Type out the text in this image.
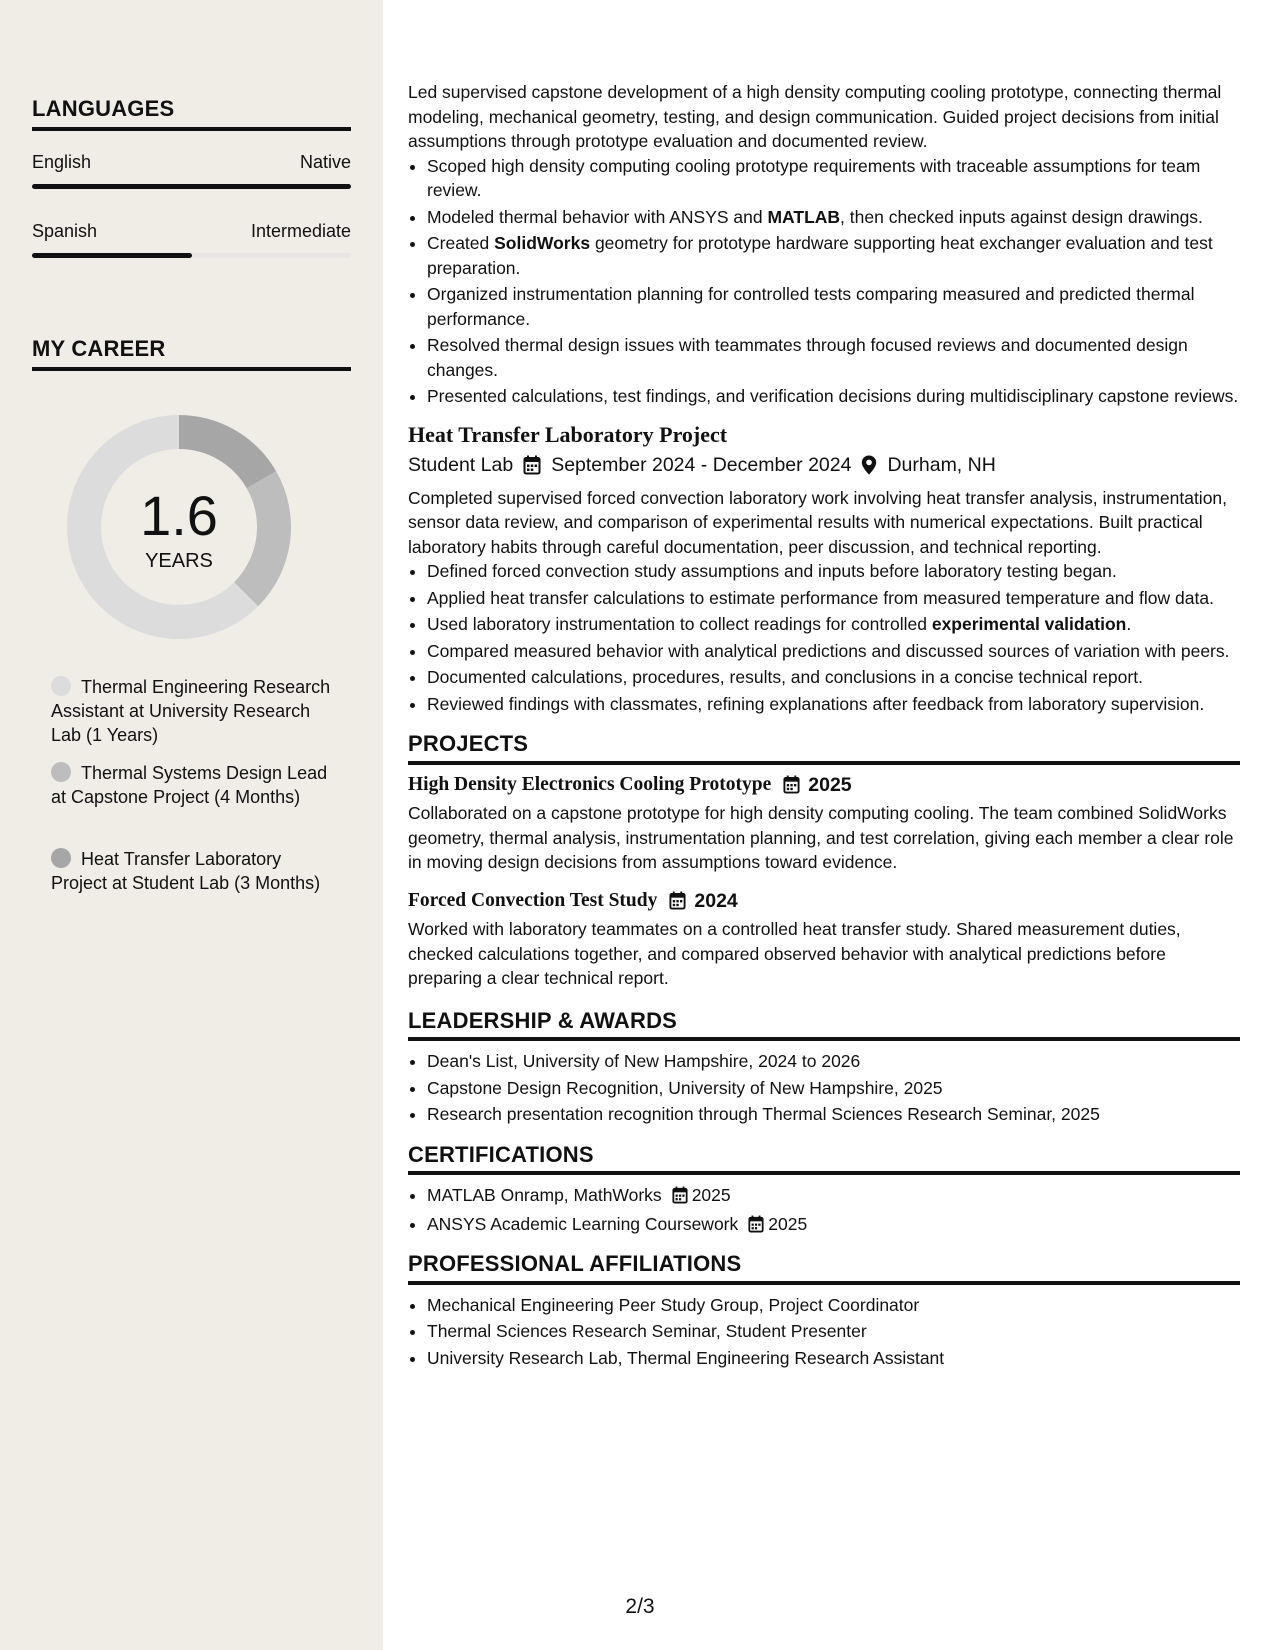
LANGUAGES
English	Native
Spanish	Intermediate
MY CAREER
1.6
YEARS
Thermal Engineering Research Assistant at University Research Lab (1 Years)
Thermal Systems Design Lead at Capstone Project (4 Months)
Heat Transfer Laboratory Project at Student Lab (3 Months)

Led supervised capstone development of a high density computing cooling prototype, connecting thermal modeling, mechanical geometry, testing, and design communication. Guided project decisions from initial assumptions through prototype evaluation and documented review.

• Scoped high density computing cooling prototype requirements with traceable assumptions for team review.
• Modeled thermal behavior with ANSYS and MATLAB, then checked inputs against design drawings.
• Created SolidWorks geometry for prototype hardware supporting heat exchanger evaluation and test preparation.
• Organized instrumentation planning for controlled tests comparing measured and predicted thermal performance.
• Resolved thermal design issues with teammates through focused reviews and documented design changes.
• Presented calculations, test findings, and verification decisions during multidisciplinary capstone reviews.
Heat Transfer Laboratory Project
Student Lab September 2024 - December 2024 Durham, NH

Completed supervised forced convection laboratory work involving heat transfer analysis, instrumentation, sensor data review, and comparison of experimental results with numerical expectations. Built practical laboratory habits through careful documentation, peer discussion, and technical reporting.

• Defined forced convection study assumptions and inputs before laboratory testing began.
• Applied heat transfer calculations to estimate performance from measured temperature and flow data.
• Used laboratory instrumentation to collect readings for controlled experimental validation.
• Compared measured behavior with analytical predictions and discussed sources of variation with peers.
• Documented calculations, procedures, results, and conclusions in a concise technical report.
• Reviewed findings with classmates, refining explanations after feedback from laboratory supervision.
PROJECTS
High Density Electronics Cooling Prototype 2025

Collaborated on a capstone prototype for high density computing cooling. The team combined SolidWorks geometry, thermal analysis, instrumentation planning, and test correlation, giving each member a clear role in moving design decisions from assumptions toward evidence.

Forced Convection Test Study 2024

Worked with laboratory teammates on a controlled heat transfer study. Shared measurement duties, checked calculations together, and compared observed behavior with analytical predictions before preparing a clear technical report.

LEADERSHIP & AWARDS
• Dean's List, University of New Hampshire, 2024 to 2026
• Capstone Design Recognition, University of New Hampshire, 2025
• Research presentation recognition through Thermal Sciences Research Seminar, 2025
CERTIFICATIONS
• MATLAB Onramp, MathWorks 2025
• ANSYS Academic Learning Coursework 2025
PROFESSIONAL AFFILIATIONS
• Mechanical Engineering Peer Study Group, Project Coordinator
• Thermal Sciences Research Seminar, Student Presenter
• University Research Lab, Thermal Engineering Research Assistant
2/3
